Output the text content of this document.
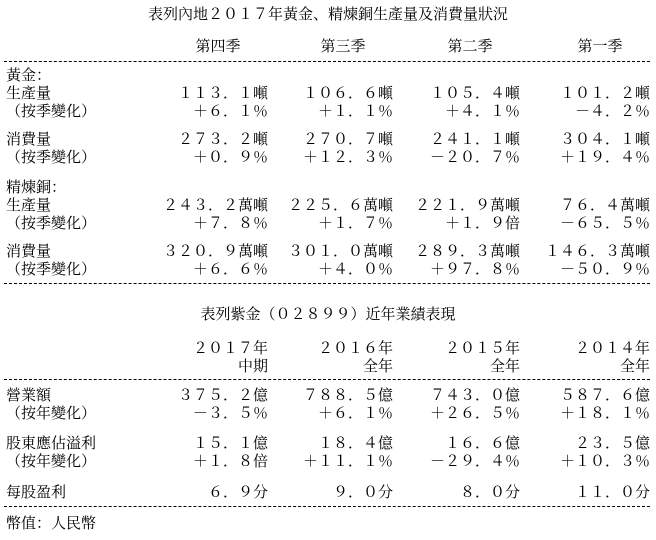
表列內地２０１７年黃金、精煉銅生產量及消費量狀況
第四季	第三季	第二季	第一季
黃金：
生產量	１１３．１噸	１０６．６噸	１０５．４噸	１０１．２噸
（按季變化）	＋６．１％	＋１．１％	＋４．１％	－４．２％
消費量	２７３．２噸	２７０．７噸	２４１．１噸	３０４．１噸
（按季變化）	＋０．９％	＋１２．３％	－２０．７％	＋１９．４％
精煉銅：
生產量	２４３．２萬噸	２２５．６萬噸	２２１．９萬噸	７６．４萬噸
（按季變化）	＋７．８％	＋１．７％	＋１．９倍	－６５．５％
消費量	３２０．９萬噸	３０１．０萬噸	２８９．３萬噸	１４６．３萬噸
（按季變化）	＋６．６％	＋４．０％	＋９７．８％	－５０．９％
表列紫金（０２８９９）近年業績表現
２０１７年	２０１６年	２０１５年	２０１４年
中期	全年	全年	全年
營業額	３７５．２億	７８８．５億	７４３．０億	５８７．６億
（按年變化）	－３．５％	＋６．１％	＋２６．５％	＋１８．１％
股東應佔溢利	１５．１億	１８．４億	１６．６億	２３．５億
（按年變化）	＋１．８倍	＋１１．１％	－２９．４％	＋１０．３％
每股盈利	６．９分	９．０分	８．０分	１１．０分
幣值：人民幣
